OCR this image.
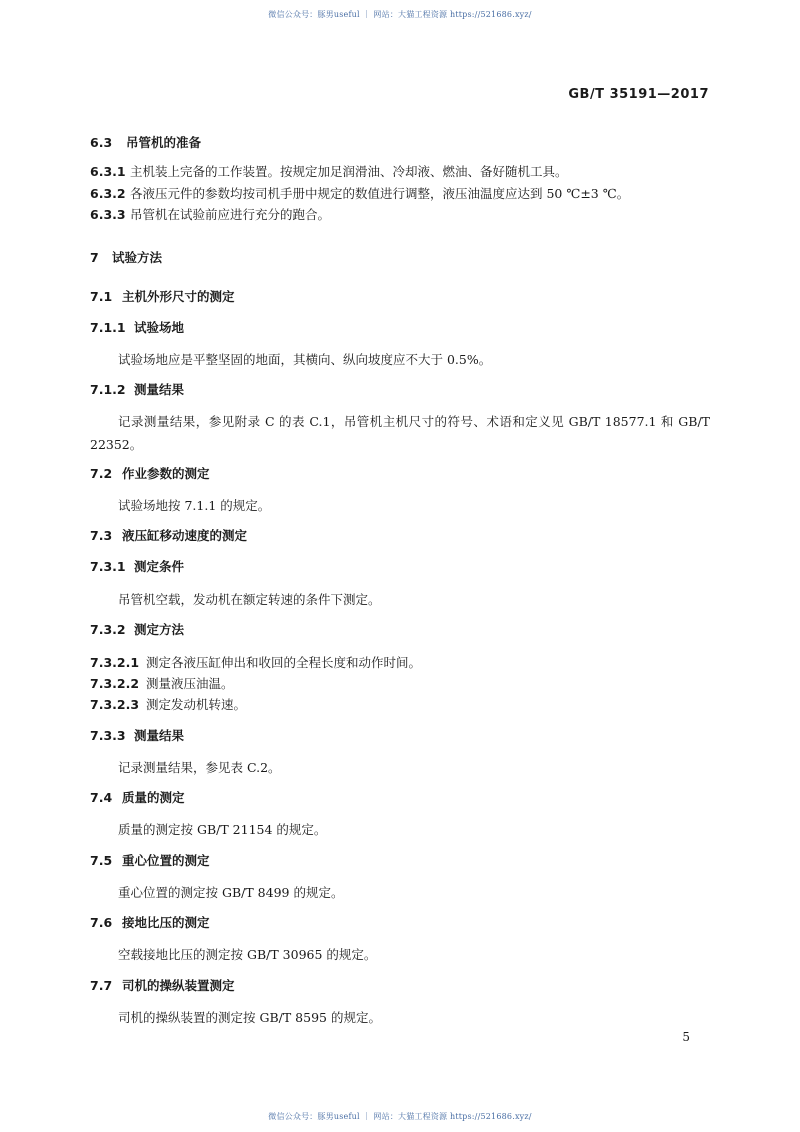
微信公众号：豚男useful ｜ 网站：大猫工程资源 https://521686.xyz/
GB/T 35191—2017
6.3 吊管机的准备
6.3.1 主机装上完备的工作装置。按规定加足润滑油、冷却液、燃油、备好随机工具。
6.3.2 各液压元件的参数均按司机手册中规定的数值进行调整，液压油温度应达到 50 ℃±3 ℃。
6.3.3 吊管机在试验前应进行充分的跑合。
7 试验方法
7.1 主机外形尺寸的测定
7.1.1 试验场地
试验场地应是平整坚固的地面，其横向、纵向坡度应不大于 0.5%。
7.1.2 测量结果
记录测量结果，参见附录 C 的表 C.1，吊管机主机尺寸的符号、术语和定义见 GB/T 18577.1 和 GB/T 22352。
7.2 作业参数的测定
试验场地按 7.1.1 的规定。
7.3 液压缸移动速度的测定
7.3.1 测定条件
吊管机空载，发动机在额定转速的条件下测定。
7.3.2 测定方法
7.3.2.1 测定各液压缸伸出和收回的全程长度和动作时间。
7.3.2.2 测量液压油温。
7.3.2.3 测定发动机转速。
7.3.3 测量结果
记录测量结果，参见表 C.2。
7.4 质量的测定
质量的测定按 GB/T 21154 的规定。
7.5 重心位置的测定
重心位置的测定按 GB/T 8499 的规定。
7.6 接地比压的测定
空载接地比压的测定按 GB/T 30965 的规定。
7.7 司机的操纵装置测定
司机的操纵装置的测定按 GB/T 8595 的规定。
5
微信公众号：豚男useful ｜ 网站：大猫工程资源 https://521686.xyz/
